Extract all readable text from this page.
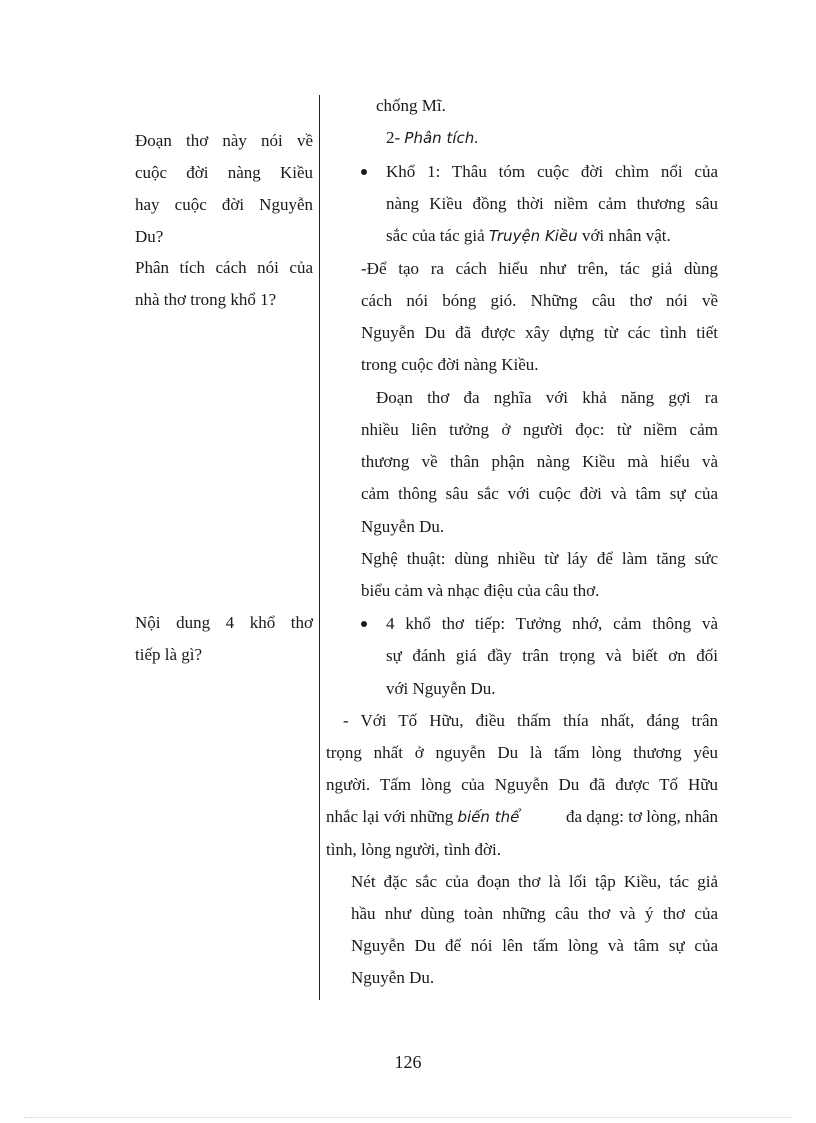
Đoạn thơ này nói về
cuộc đời nàng Kiều
hay cuộc đời Nguyễn
Du?
Phân tích cách nói của
nhà thơ trong khổ 1?
Nội dung 4 khổ thơ
tiếp là gì?
chống Mĩ.
2- Phân tích.
Khổ 1: Thâu tóm cuộc đời chìm nổi của
nàng Kiều đồng thời niềm cảm thương sâu
sắc của tác giả Truyện Kiều với nhân vật.
-Để tạo ra cách hiểu như trên, tác giả dùng
cách nói bóng gió. Những câu thơ nói về
Nguyễn Du đã được xây dựng từ các tình tiết
trong cuộc đời nàng Kiều.
Đoạn thơ đa nghĩa với khả năng gợi ra
nhiều liên tưởng ở người đọc: từ niềm cảm
thương về thân phận nàng Kiều mà hiểu và
cảm thông sâu sắc với cuộc đời và tâm sự của
Nguyễn Du.
Nghệ thuật: dùng nhiều từ láy để làm tăng sức
biểu cảm và nhạc điệu của câu thơ.
4 khổ thơ tiếp: Tưởng nhớ, cảm thông và
sự đánh giá đầy trân trọng và biết ơn đối
với Nguyễn Du.
- Với Tố Hữu, điều thấm thía nhất, đáng trân
trọng nhất ở nguyễn Du là tấm lòng thương yêu
người. Tấm lòng của Nguyễn Du đã được Tố Hữu
nhắc lại với những biến thể	đa dạng: tơ lòng, nhân
tình, lòng người, tình đời.
Nét đặc sắc của đoạn thơ là lối tập Kiều, tác giả
hầu như dùng toàn những câu thơ và ý thơ của
Nguyễn Du để nói lên tấm lòng và tâm sự của
Nguyễn Du.
126
